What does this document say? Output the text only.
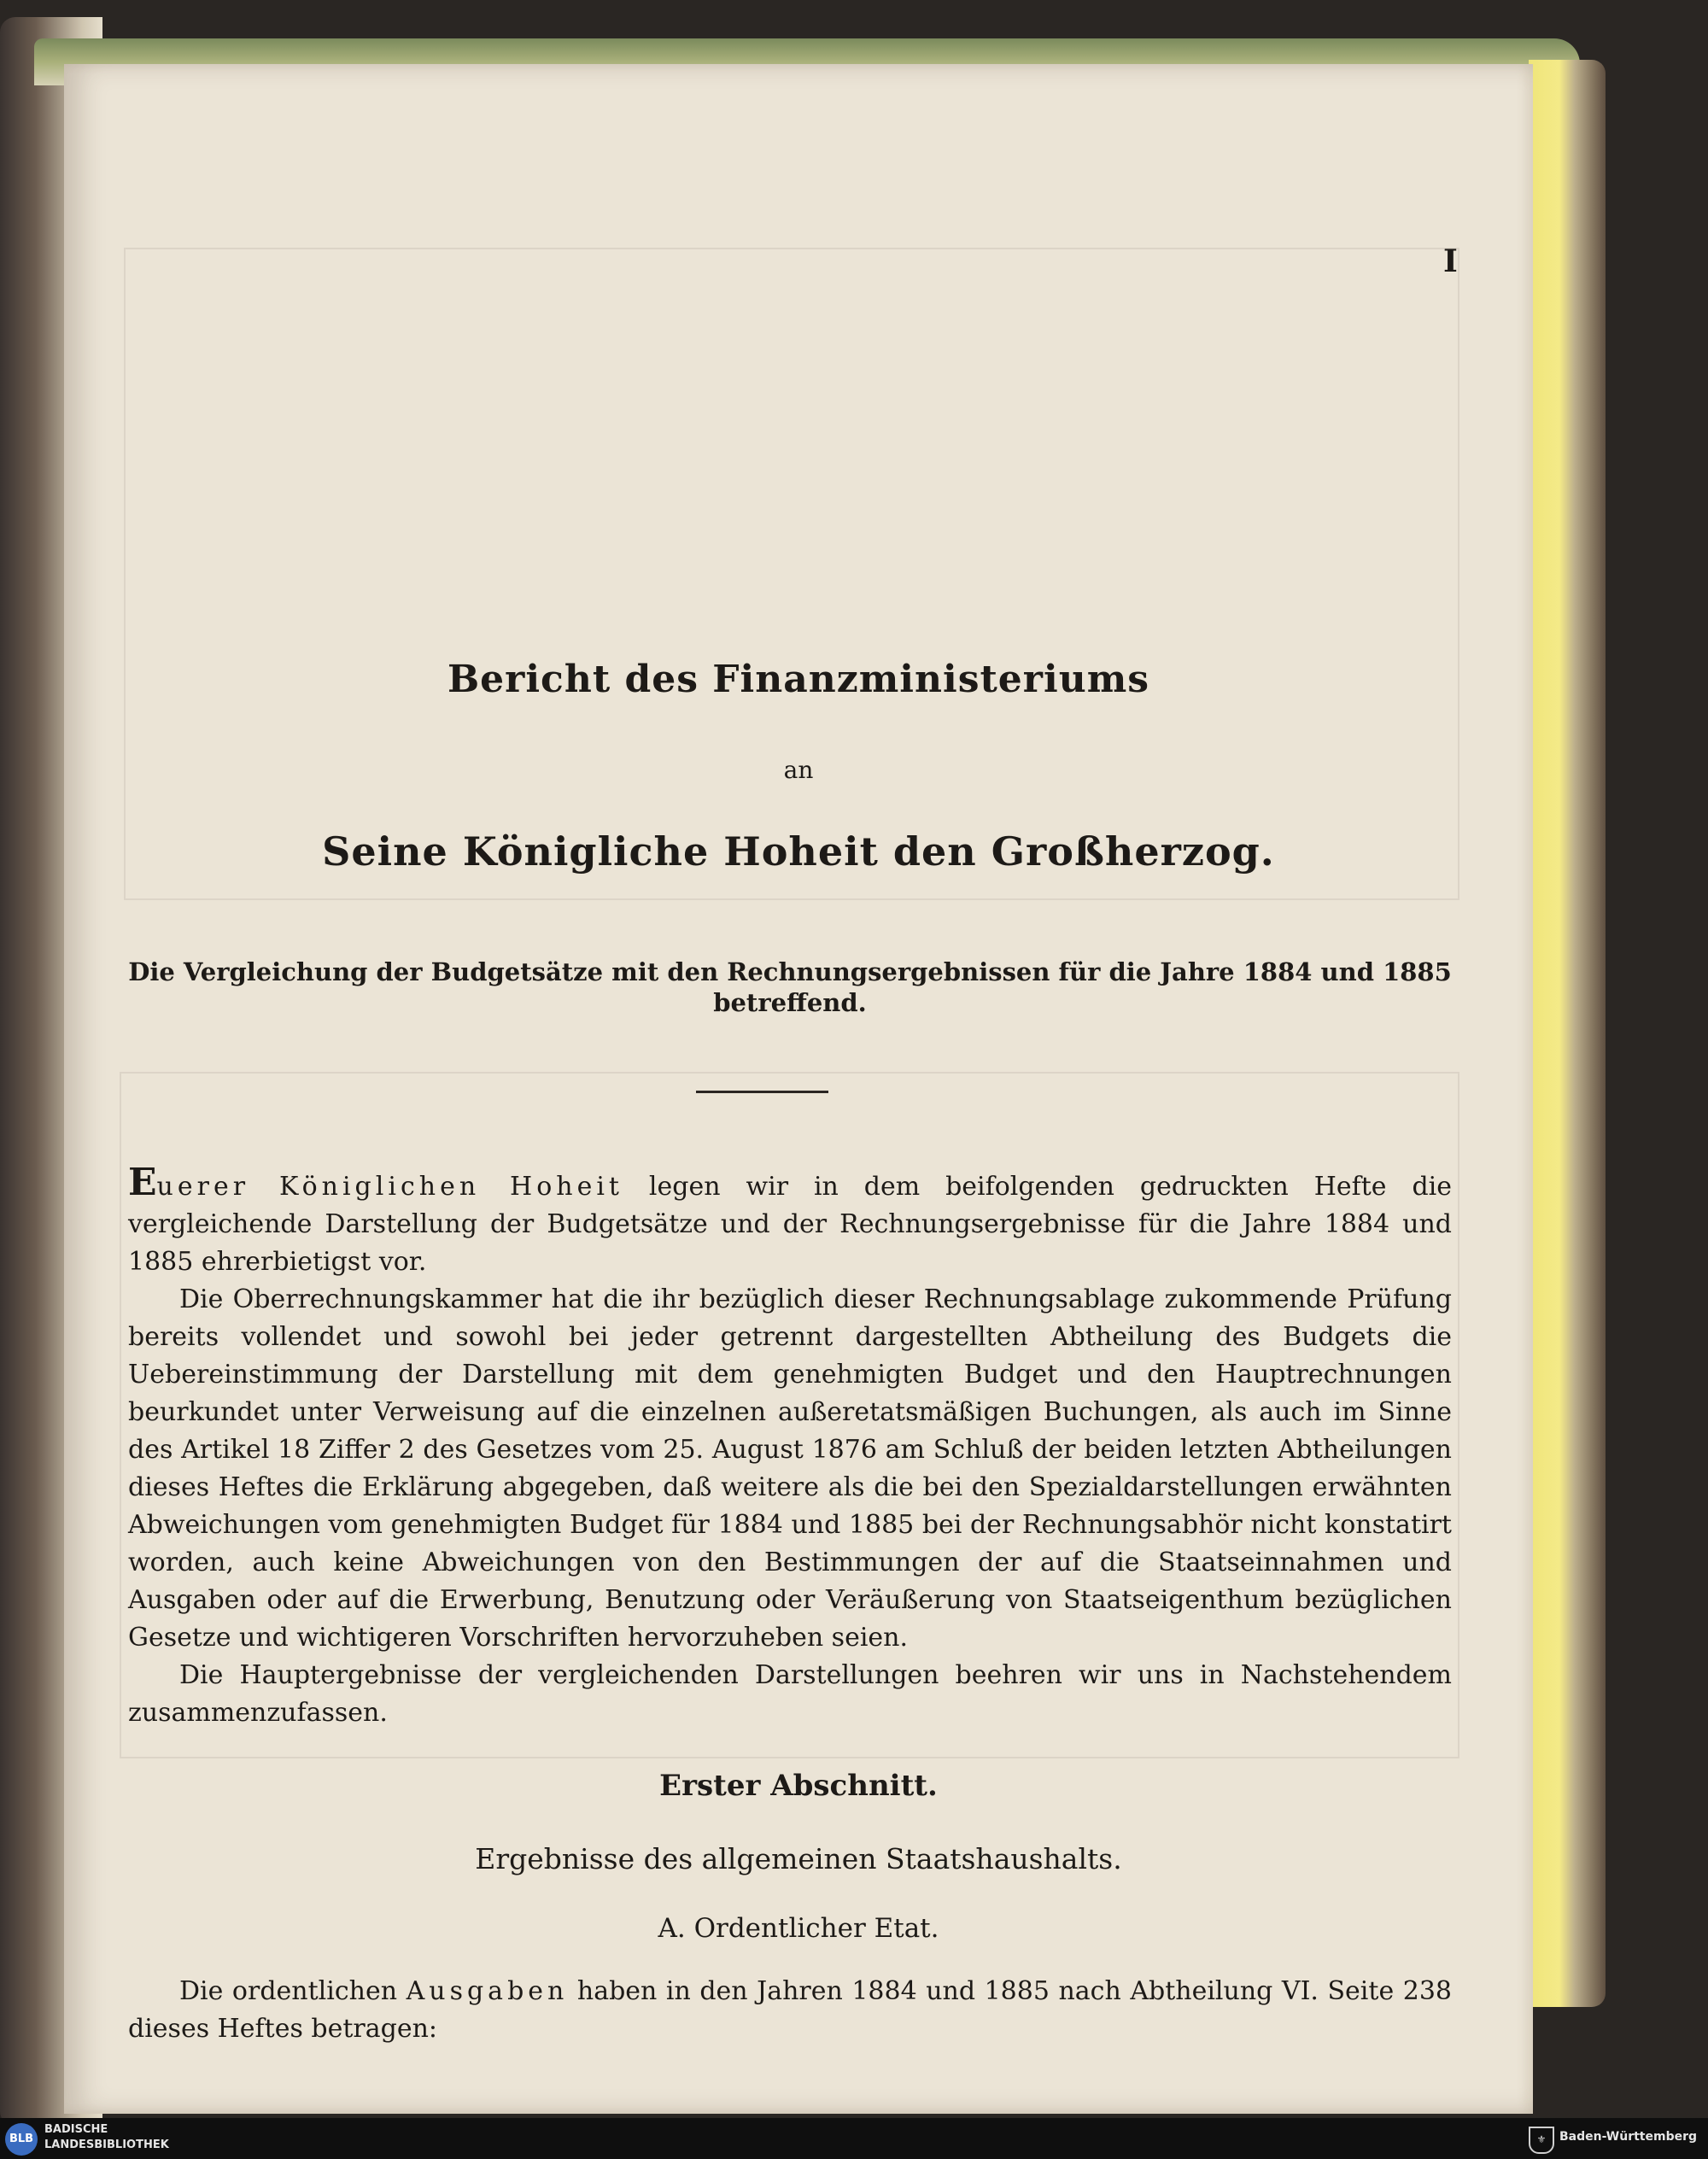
I
Bericht des Finanzministeriums
an
Seine Königliche Hoheit den Großherzog.
Die Vergleichung der Budgetsätze mit den Rechnungsergebnissen für die Jahre 1884 und 1885 betreffend.

Euerer Königlichen Hoheit legen wir in dem beifolgenden gedruckten Hefte die vergleichende Darstellung der Budgetsätze und der Rechnungsergebnisse für die Jahre 1884 und 1885 ehrerbietigst vor.

Die Oberrechnungskammer hat die ihr bezüglich dieser Rechnungsablage zukommende Prüfung bereits vollendet und sowohl bei jeder getrennt dargestellten Abtheilung des Budgets die Uebereinstimmung der Darstellung mit dem genehmigten Budget und den Hauptrechnungen beurkundet unter Verweisung auf die einzelnen außeretatsmäßigen Buchungen, als auch im Sinne des Artikel 18 Ziffer 2 des Gesetzes vom 25. August 1876 am Schluß der beiden letzten Abtheilungen dieses Heftes die Erklärung abgegeben, daß weitere als die bei den Spezialdarstellungen erwähnten Abweichungen vom genehmigten Budget für 1884 und 1885 bei der Rechnungsabhör nicht konstatirt worden, auch keine Abweichungen von den Bestimmungen der auf die Staatseinnahmen und Ausgaben oder auf die Erwerbung, Benutzung oder Veräußerung von Staatseigenthum bezüglichen Gesetze und wichtigeren Vorschriften hervorzuheben seien.

Die Hauptergebnisse der vergleichenden Darstellungen beehren wir uns in Nachstehendem zusammenzufassen.

Erster Abschnitt.
Ergebnisse des allgemeinen Staatshaushalts.
A. Ordentlicher Etat.

Die ordentlichen Ausgaben haben in den Jahren 1884 und 1885 nach Abtheilung VI. Seite 238 dieses Heftes betragen:

BLB
BADISCHE
LANDESBIBLIOTHEK	⚜	Baden-Württemberg
